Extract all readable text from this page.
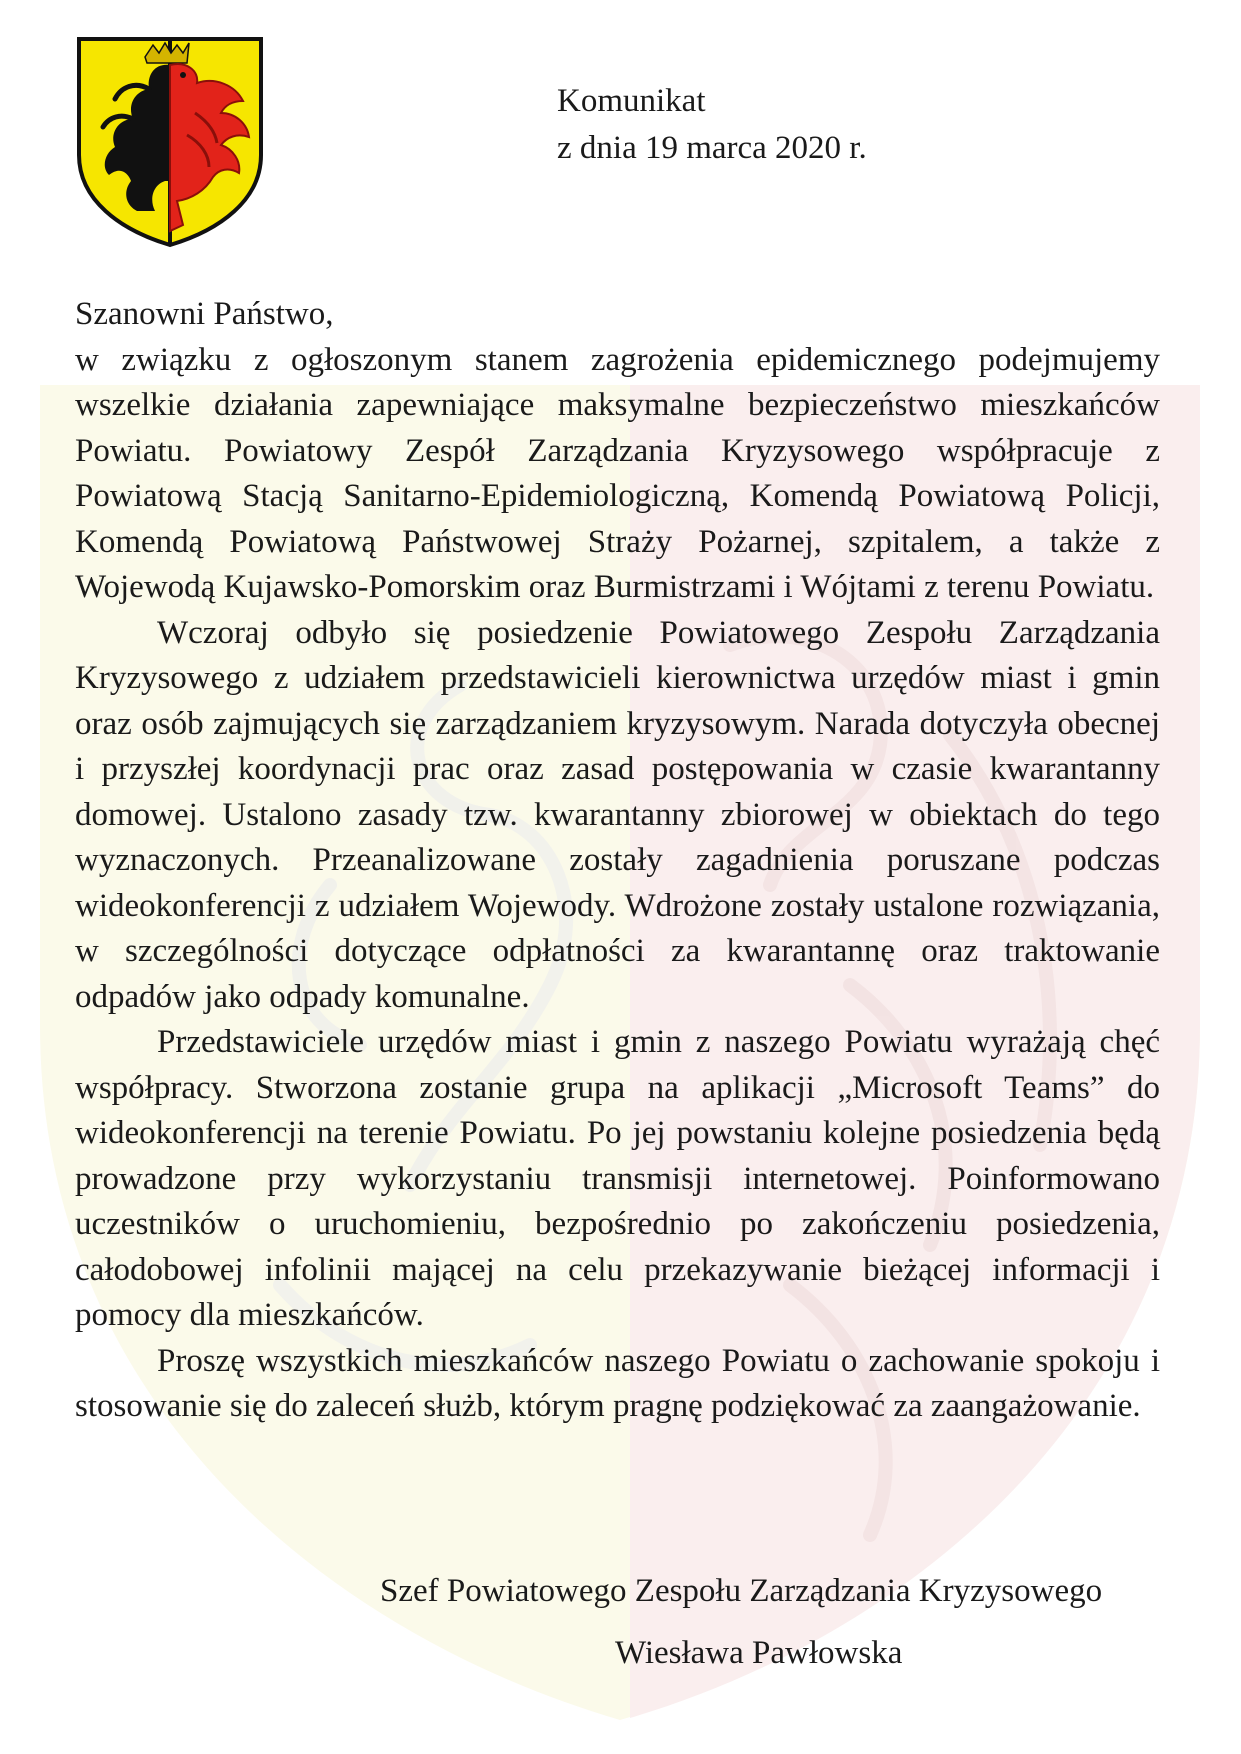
Komunikat
z dnia 19 marca 2020 r.

Szanowni Państwo,

w związku z ogłoszonym stanem zagrożenia epidemicznego podejmujemy wszelkie działania zapewniające maksymalne bezpieczeństwo mieszkańców Powiatu. Powiatowy Zespół Zarządzania Kryzysowego współpracuje z Powiatową Stacją Sanitarno-Epidemiologiczną, Komendą Powiatową Policji, Komendą Powiatową Państwowej Straży Pożarnej, szpitalem, a także z Wojewodą Kujawsko-Pomorskim oraz Burmistrzami i Wójtami z terenu Powiatu.

Wczoraj odbyło się posiedzenie Powiatowego Zespołu Zarządzania Kryzysowego z udziałem przedstawicieli kierownictwa urzędów miast i gmin oraz osób zajmujących się zarządzaniem kryzysowym. Narada dotyczyła obecnej i przyszłej koordynacji prac oraz zasad postępowania w czasie kwarantanny domowej. Ustalono zasady tzw. kwarantanny zbiorowej w obiektach do tego wyznaczonych. Przeanalizowane zostały zagadnienia poruszane podczas wideokonferencji z udziałem Wojewody. Wdrożone zostały ustalone rozwiązania, w szczególności dotyczące odpłatności za kwarantannę oraz traktowanie odpadów jako odpady komunalne.

Przedstawiciele urzędów miast i gmin z naszego Powiatu wyrażają chęć współpracy. Stworzona zostanie grupa na aplikacji „Microsoft Teams” do wideokonferencji na terenie Powiatu. Po jej powstaniu kolejne posiedzenia będą prowadzone przy wykorzystaniu transmisji internetowej. Poinformowano uczestników o uruchomieniu, bezpośrednio po zakończeniu posiedzenia, całodobowej infolinii mającej na celu przekazywanie bieżącej informacji i pomocy dla mieszkańców.

Proszę wszystkich mieszkańców naszego Powiatu o zachowanie spokoju i stosowanie się do zaleceń służb, którym pragnę podziękować za zaangażowanie.

Szef Powiatowego Zespołu Zarządzania Kryzysowego
Wiesława Pawłowska
